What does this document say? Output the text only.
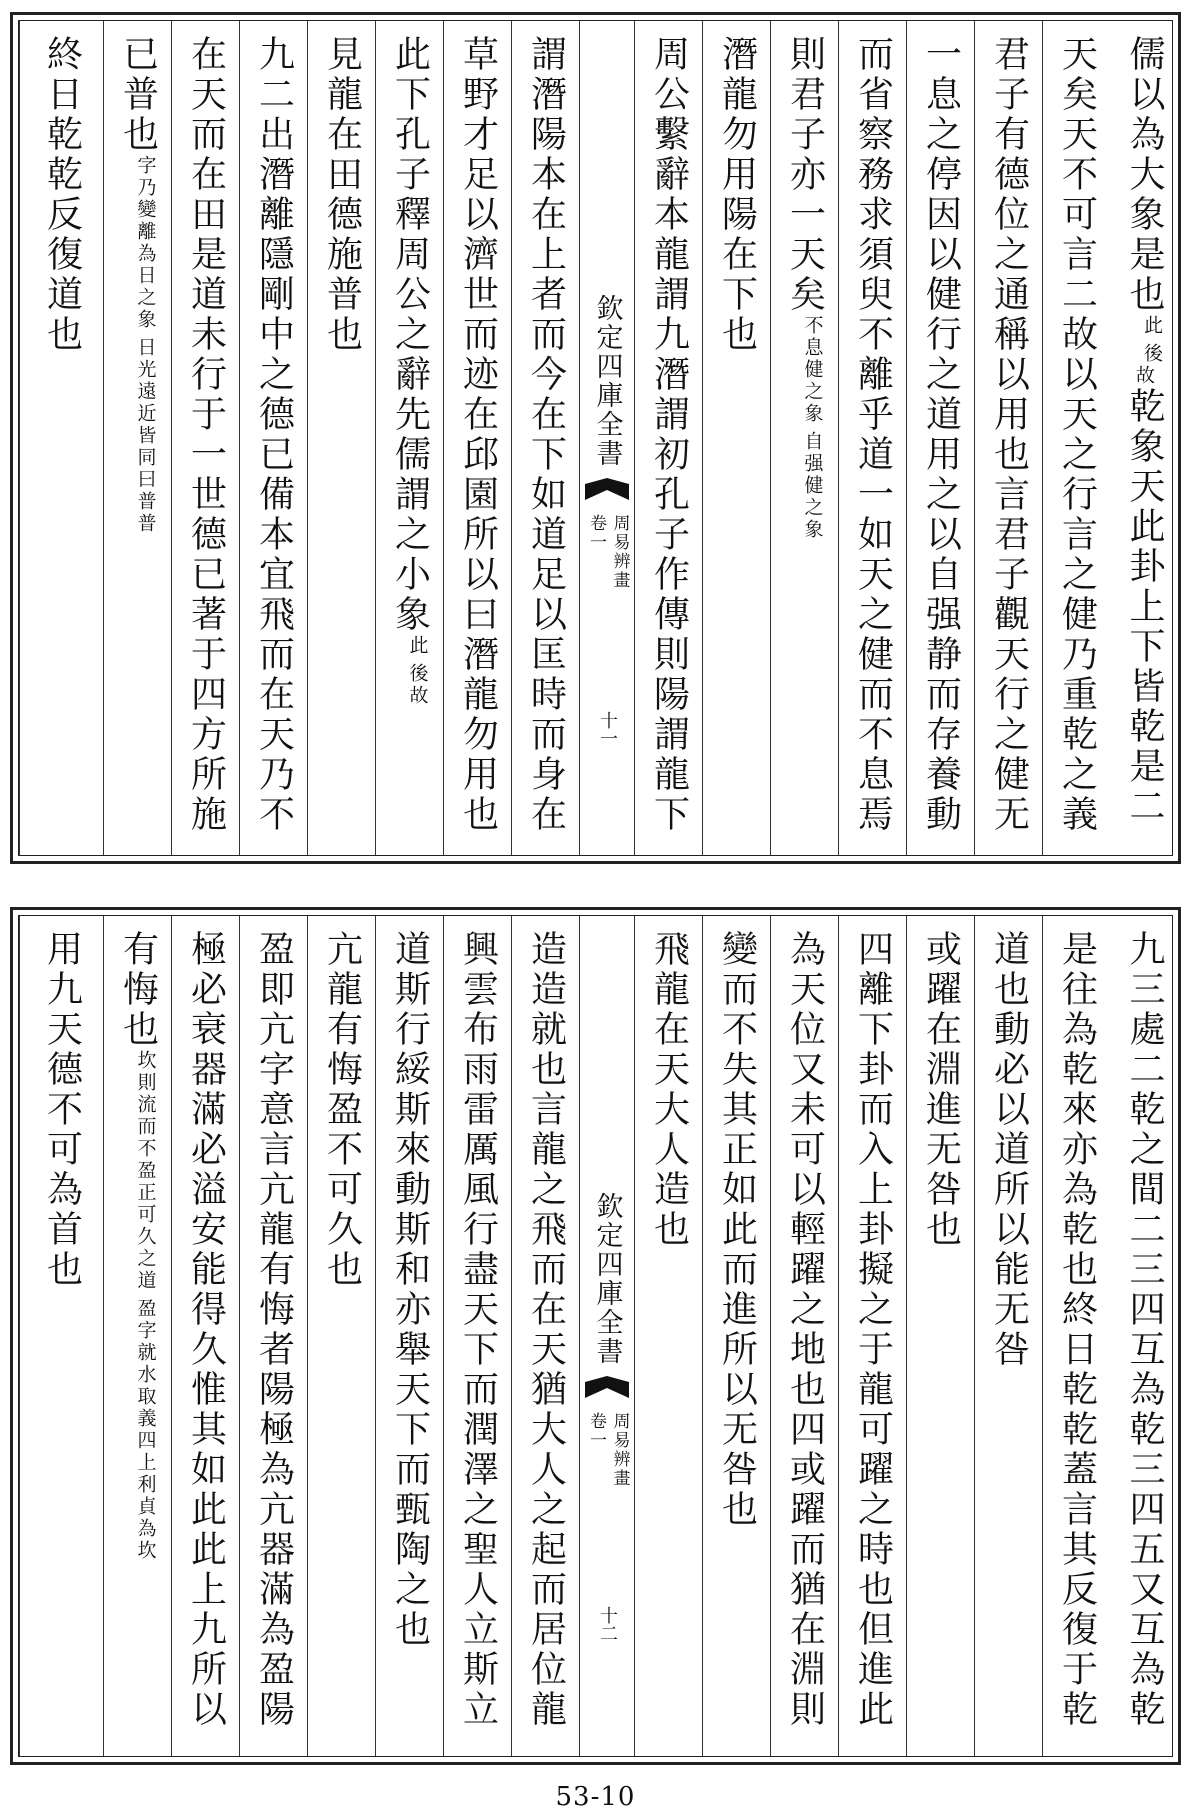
儒以為大象是也
後
此
故乾象天此卦上下皆乾是二
天矣天不可言二故以天之行言之健乃重乾之義
君子有德位之通稱以用也言君子觀天行之健无
一息之停因以健行之道用之以自强静而存養動
而省察務求須臾不離乎道一如天之健而不息焉
則君子亦一天矣
自强健之象
不息健之象
潛龍勿用陽在下也
周公繫辭本龍謂九潛謂初孔子作傳則陽謂龍下
欽定四庫全書
周易辨畫
卷一
十一
謂潛陽本在上者而今在下如道足以匡時而身在
草野才足以濟世而迹在邱園所以曰潛龍勿用也
此下孔子釋周公之辭先儒謂之小象
後故
此
見龍在田德施普也
九二出潛離隱剛中之德已備本宜飛而在天乃不
在天而在田是道未行于一世德已著于四方所施
已普也
日光遠近皆同曰普普
字乃變離為日之象
終日乾乾反復道也
九三處二乾之間二三四互為乾三四五又互為乾
是往為乾來亦為乾也終日乾乾蓋言其反復于乾
道也動必以道所以能无咎
或躍在淵進无咎也
四離下卦而入上卦擬之于龍可躍之時也但進此
為天位又未可以輕躍之地也四或躍而猶在淵則
變而不失其正如此而進所以无咎也
飛龍在天大人造也
欽定四庫全書
周易辨畫
卷一
十二
造造就也言龍之飛而在天猶大人之起而居位龍
興雲布雨雷厲風行盡天下而潤澤之聖人立斯立
道斯行綏斯來動斯和亦舉天下而甄陶之也
亢龍有悔盈不可久也
盈即亢字意言亢龍有悔者陽極為亢器滿為盈陽
極必衰器滿必溢安能得久惟其如此此上九所以
有悔也
盈字就水取義四上利貞為坎
坎則流而不盈正可久之道
用九天德不可為首也
53-10
